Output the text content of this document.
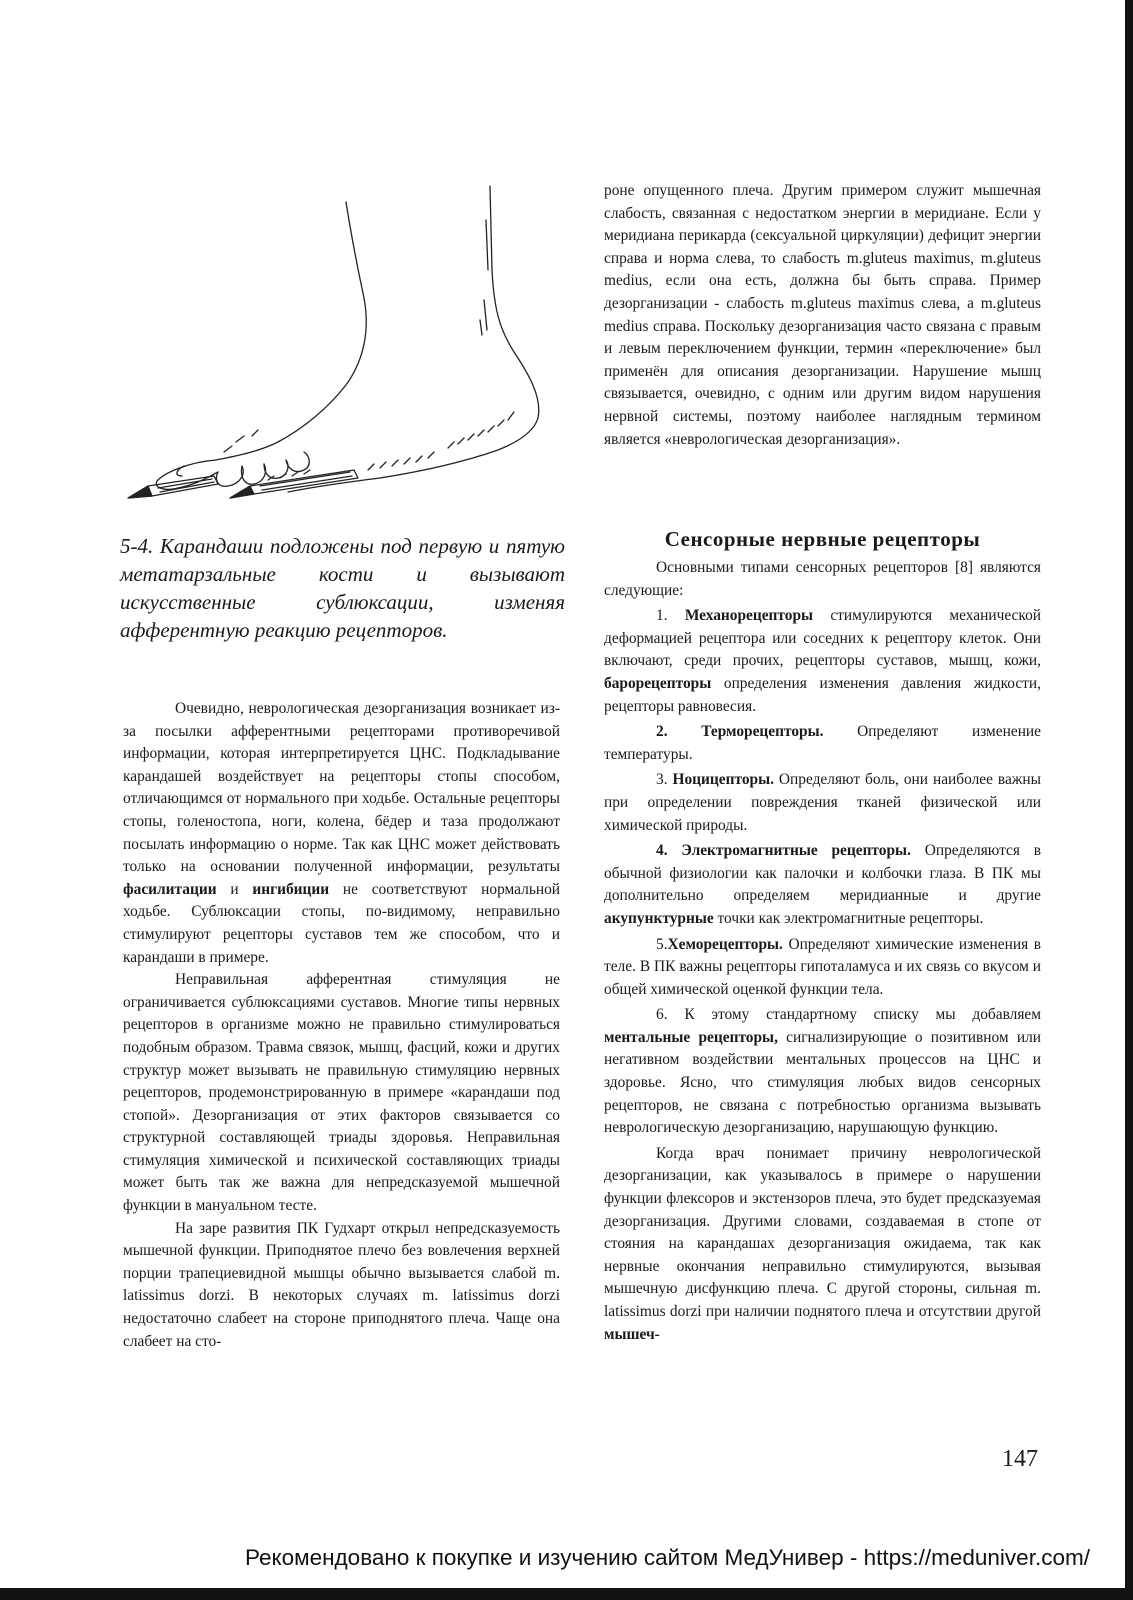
5-4. Карандаши подложены под первую и пятую метатарзальные кости и вызывают искусственные сублюксации, изменяя афферентную реакцию рецепторов.

роне опущенного плеча. Другим примером служит мышечная слабость, связанная с недостатком энергии в меридиане. Если у меридиана перикарда (сексуальной циркуляции) дефицит энергии справа и норма слева, то слабость m.gluteus maximus, m.gluteus medius, если она есть, должна бы быть справа. Пример дезорганизации - слабость m.gluteus maximus слева, а m.gluteus medius справа. Поскольку дезорганизация часто связана с правым и левым переключением функции, термин «переключение» был применён для описания дезорганизации. Нарушение мышц связывается, очевидно, с одним или другим видом нарушения нервной системы, поэтому наиболее наглядным термином является «неврологическая дезорганизация».

Сенсорные нервные рецепторы

Основными типами сенсорных рецепторов [8] являются следующие:

1. Механорецепторы стимулируются механической деформацией рецептора или соседних к рецептору клеток. Они включают, среди прочих, рецепторы суставов, мышц, кожи, барорецепторы определения изменения давления жидкости, рецепторы равновесия.

2. Терморецепторы. Определяют изменение температуры.

3. Ноцицепторы. Определяют боль, они наиболее важны при определении повреждения тканей физической или химической природы.

4. Электромагнитные рецепторы. Определяются в обычной физиологии как палочки и колбочки глаза. В ПК мы дополнительно определяем меридианные и другие акупунктурные точки как электромагнитные рецепторы.

5.Хеморецепторы. Определяют химические изменения в теле. В ПК важны рецепторы гипоталамуса и их связь со вкусом и общей химической оценкой функции тела.

6. К этому стандартному списку мы добавляем ментальные рецепторы, сигнализирующие о позитивном или негативном воздействии ментальных процессов на ЦНС и здоровье. Ясно, что стимуляция любых видов сенсорных рецепторов, не связана с потребностью организма вызывать неврологическую дезорганизацию, нарушающую функцию.

Когда врач понимает причину неврологической дезорганизации, как указывалось в примере о нарушении функции флексоров и экстензоров плеча, это будет предсказуемая дезорганизация. Другими словами, создаваемая в стопе от стояния на карандашах дезорганизация ожидаема, так как нервные окончания неправильно стимулируются, вызывая мышечную дисфункцию плеча. С другой стороны, сильная m. latissimus dorzi при наличии поднятого плеча и отсутствии другой мышеч-

Очевидно, неврологическая дезорганизация возникает из-за посылки афферентными рецепторами противоречивой информации, которая интерпретируется ЦНС. Подкладывание карандашей воздействует на рецепторы стопы способом, отличающимся от нормального при ходьбе. Остальные рецепторы стопы, голеностопа, ноги, колена, бёдер и таза продолжают посылать информацию о норме. Так как ЦНС может действовать только на основании полученной информации, результаты фасилитации и ингибиции не соответствуют нормальной ходьбе. Сублюксации стопы, по-видимому, неправильно стимулируют рецепторы суставов тем же способом, что и карандаши в примере.

Неправильная афферентная стимуляция не ограничивается сублюксациями суставов. Многие типы нервных рецепторов в организме можно не правильно стимулироваться подобным образом. Травма связок, мышц, фасций, кожи и других структур может вызывать не правильную стимуляцию нервных рецепторов, продемонстрированную в примере «карандаши под стопой». Дезорганизация от этих факторов связывается со структурной составляющей триады здоровья. Неправильная стимуляция химической и психической составляющих триады может быть так же важна для непредсказуемой мышечной функции в мануальном тесте.

На заре развития ПК Гудхарт открыл непредсказуемость мышечной функции. Приподнятое плечо без вовлечения верхней порции трапециевидной мышцы обычно вызывается слабой m. latissimus dorzi. В некоторых случаях m. latissimus dorzi недостаточно слабеет на стороне приподнятого плеча. Чаще она слабеет на сто-

147
Рекомендовано к покупке и изучению сайтом МедУнивер - https://meduniver.com/
